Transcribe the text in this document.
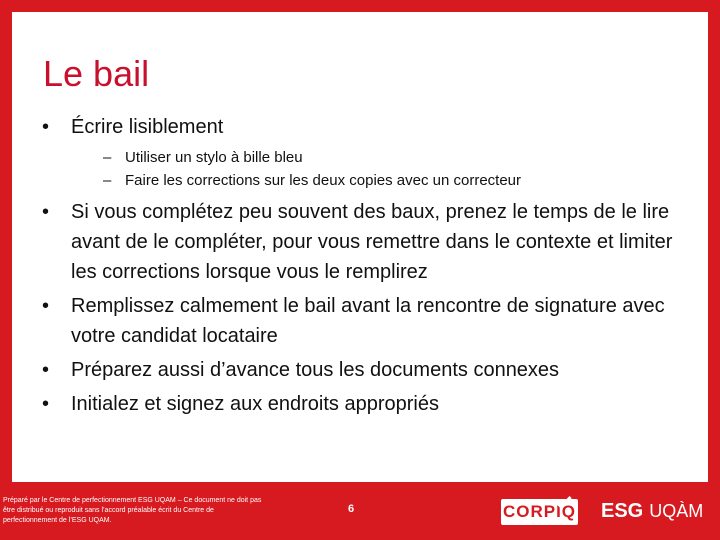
Le bail
• Écrire lisiblement
– Utiliser un stylo à bille bleu
– Faire les corrections sur les deux copies avec un correcteur
• Si vous complétez peu souvent des baux, prenez le temps de le lire avant de le compléter, pour vous remettre dans le contexte et limiter les corrections lorsque vous le remplirez
• Remplissez calmement le bail avant la rencontre de signature avec votre candidat locataire
• Préparez aussi d’avance tous les documents connexes
• Initialez et signez aux endroits appropriés
Préparé par le Centre de perfectionnement ESG UQAM – Ce document ne doit pas être distribué ou reproduit sans l’accord préalable écrit du Centre de perfectionnement de l’ESG UQAM.
6	CORPIQ ESG UQÀM
